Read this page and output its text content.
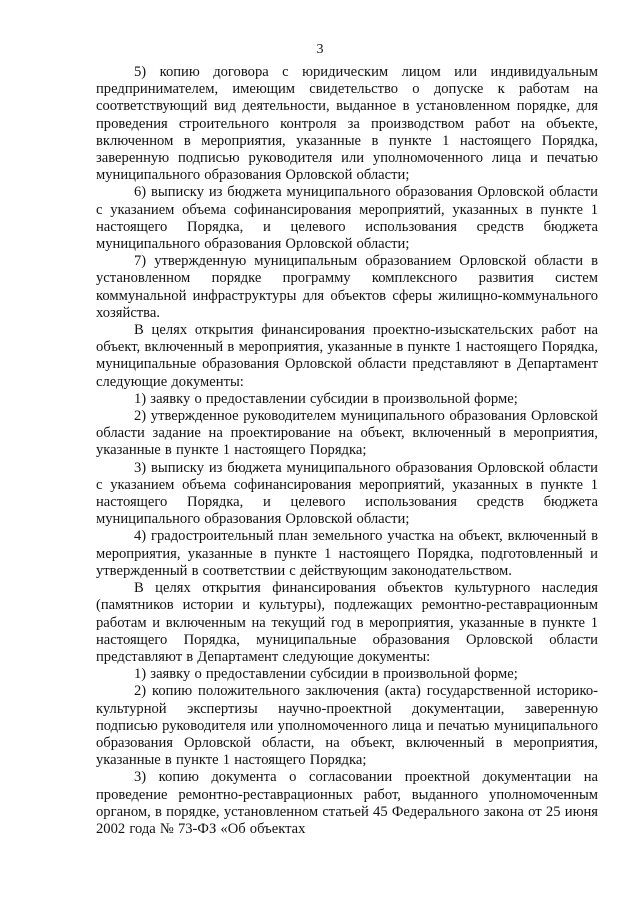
3

5) копию договора с юридическим лицом или индивидуальным предпринимателем, имеющим свидетельство о допуске к работам на соответствующий вид деятельности, выданное в установленном порядке, для проведения строительного контроля за производством работ на объекте, включенном в мероприятия, указанные в пункте 1 настоящего Порядка, заверенную подписью руководителя или уполномоченного лица и печатью муниципального образования Орловской области;

6) выписку из бюджета муниципального образования Орловской области с указанием объема софинансирования мероприятий, указанных в пункте 1 настоящего Порядка, и целевого использования средств бюджета муниципального образования Орловской области;

7) утвержденную муниципальным образованием Орловской области в установленном порядке программу комплексного развития систем коммунальной инфраструктуры для объектов сферы жилищно-коммунального хозяйства.

В целях открытия финансирования проектно-изыскательских работ на объект, включенный в мероприятия, указанные в пункте 1 настоящего Порядка, муниципальные образования Орловской области представляют в Департамент следующие документы:

1) заявку о предоставлении субсидии в произвольной форме;

2) утвержденное руководителем муниципального образования Орловской области задание на проектирование на объект, включенный в мероприятия, указанные в пункте 1 настоящего Порядка;

3) выписку из бюджета муниципального образования Орловской области с указанием объема софинансирования мероприятий, указанных в пункте 1 настоящего Порядка, и целевого использования средств бюджета муниципального образования Орловской области;

4) градостроительный план земельного участка на объект, включенный в мероприятия, указанные в пункте 1 настоящего Порядка, подготовленный и утвержденный в соответствии с действующим законодательством.

В целях открытия финансирования объектов культурного наследия (памятников истории и культуры), подлежащих ремонтно-реставрационным работам и включенным на текущий год в мероприятия, указанные в пункте 1 настоящего Порядка, муниципальные образования Орловской области представляют в Департамент следующие документы:

1) заявку о предоставлении субсидии в произвольной форме;

2) копию положительного заключения (акта) государственной историко-культурной экспертизы научно-проектной документации, заверенную подписью руководителя или уполномоченного лица и печатью муниципального образования Орловской области, на объект, включенный в мероприятия, указанные в пункте 1 настоящего Порядка;

3) копию документа о согласовании проектной документации на проведение ремонтно-реставрационных работ, выданного уполномоченным органом, в порядке, установленном статьей 45 Федерального закона от 25 июня 2002 года № 73-ФЗ «Об объектах
